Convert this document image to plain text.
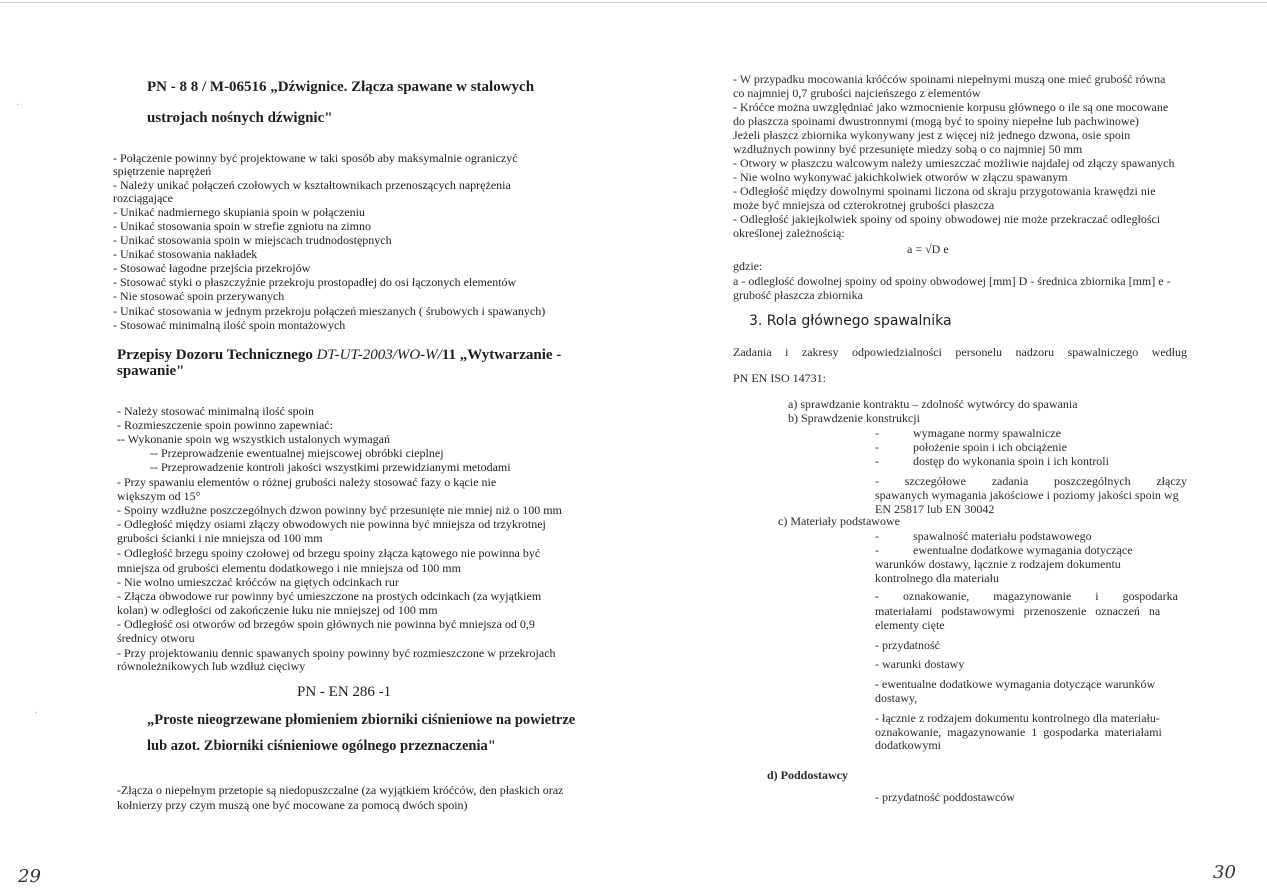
PN - 8 8 / M-06516 „Dźwignice. Złącza spawane w stalowych
ustrojach nośnych dźwignic"
- Połączenie powinny być projektowane w taki sposób aby maksymalnie ograniczyć
spiętrzenie naprężeń
- Należy unikać połączeń czołowych w kształtownikach przenoszących naprężenia
rozciągające
- Unikać nadmiernego skupiania spoin w połączeniu
- Unikać stosowania spoin w strefie zgniotu na zimno
- Unikać stosowania spoin w miejscach trudnodostępnych
- Unikać stosowania nakładek
- Stosować łagodne przejścia przekrojów
- Stosować styki o płaszczyźnie przekroju prostopadłej do osi łączonych elementów
- Nie stosować spoin przerywanych
- Unikać stosowania w jednym przekroju połączeń mieszanych ( śrubowych i spawanych)
- Stosować minimalną ilość spoin montażowych
Przepisy Dozoru Technicznego DT-UT-2003/WO-W/11 „Wytwarzanie -
spawanie"
- Należy stosować minimalną ilość spoin
- Rozmieszczenie spoin powinno zapewniać:
-- Wykonanie spoin wg wszystkich ustalonych wymagań
-- Przeprowadzenie ewentualnej miejscowej obróbki cieplnej
-- Przeprowadzenie kontroli jakości wszystkimi przewidzianymi metodami
- Przy spawaniu elementów o różnej grubości należy stosować fazy o kącie nie
większym od 15°
- Spoiny wzdłużne poszczególnych dzwon powinny być przesunięte nie mniej niż o 100 mm
- Odległość między osiami złączy obwodowych nie powinna być mniejsza od trzykrotnej
grubości ścianki i nie mniejsza od 100 mm
- Odległość brzegu spoiny czołowej od brzegu spoiny złącza kątowego nie powinna być
mniejsza od grubości elementu dodatkowego i nie mniejsza od 100 mm
- Nie wolno umieszczać króćców na giętych odcinkach rur
- Złącza obwodowe rur powinny być umieszczone na prostych odcinkach (za wyjątkiem
kolan) w odległości od zakończenie łuku nie mniejszej od 100 mm
- Odległość osi otworów od brzegów spoin głównych nie powinna być mniejsza od 0,9
średnicy otworu
- Przy projektowaniu dennic spawanych spoiny powinny być rozmieszczone w przekrojach
równoleżnikowych lub wzdłuż cięciwy
PN - EN 286 -1
„Proste nieogrzewane płomieniem zbiorniki ciśnieniowe na powietrze
lub azot. Zbiorniki ciśnieniowe ogólnego przeznaczenia"
-Złącza o niepełnym przetopie są niedopuszczalne (za wyjątkiem króćców, den płaskich oraz
kołnierzy przy czym muszą one być mocowane za pomocą dwóch spoin)
29
·
·
- W przypadku mocowania króćców spoinami niepełnymi muszą one mieć grubość równa
co najmniej 0,7 grubości najcieńszego z elementów
- Króćce można uwzględniać jako wzmocnienie korpusu głównego o ile są one mocowane
do płaszcza spoinami dwustronnymi (mogą być to spoiny niepełne lub pachwinowe)
Jeżeli płaszcz zbiornika wykonywany jest z więcej niż jednego dzwona, osie spoin
wzdłużnych powinny być przesunięte miedzy sobą o co najmniej 50 mm
- Otwory w płaszczu walcowym należy umieszczać możliwie najdalej od złączy spawanych
- Nie wolno wykonywać jakichkolwiek otworów w złączu spawanym
- Odległość między dowolnymi spoinami liczona od skraju przygotowania krawędzi nie
może być mniejsza od czterokrotnej grubości płaszcza
- Odległość jakiejkolwiek spoiny od spoiny obwodowej nie może przekraczać odległości
określonej zależnością:
a = √D e
gdzie:
a - odległość dowolnej spoiny od spoiny obwodowej [mm] D - średnica zbiornika [mm] e -
grubość płaszcza zbiornika
3. Rola głównego spawalnika
Zadania i zakresy odpowiedzialności personelu nadzoru spawalniczego według
PN EN ISO 14731:
a) sprawdzanie kontraktu – zdolność wytwórcy do spawania
b) Sprawdzenie konstrukcji
-	wymagane normy spawalnicze
-	położenie spoin i ich obciążenie
-	dostęp do wykonania spoin i ich kontroli
-        szczegółowe        zadania        poszczególnych        złączy
spawanych wymagania jakościowe i poziomy jakości spoin wg
EN 25817 lub EN 30042
c) Materiały podstawowe
-	spawalność materiału podstawowego
-	ewentualne dodatkowe wymagania dotyczące
warunków dostawy, łącznie z rodzajem dokumentu
kontrolnego dla materiału
-        oznakowanie,        magazynowanie        i        gospodarka
materiałami   podstawowymi   przenoszenie   oznaczeń   na
elementy cięte
- przydatność
- warunki dostawy
- ewentualne dodatkowe wymagania dotyczące warunków
dostawy,
- łącznie z rodzajem dokumentu kontrolnego dla materiału-
oznakowanie,  magazynowanie  1  gospodarka  materiałami
dodatkowymi
d) Poddostawcy
- przydatność poddostawców
30
